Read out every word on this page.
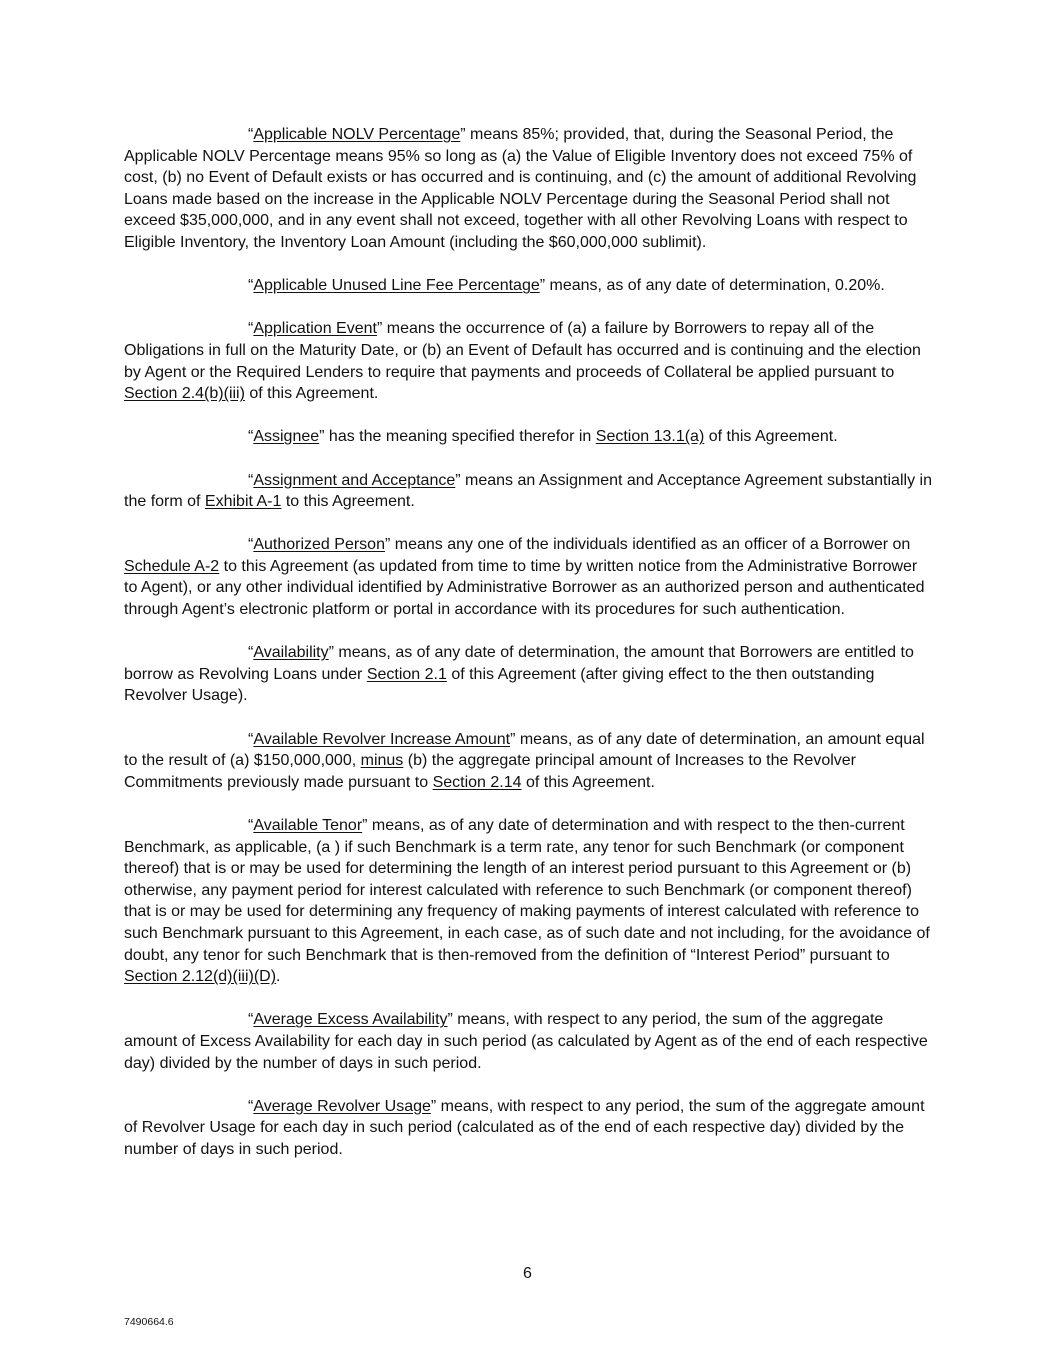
“Applicable NOLV Percentage” means 85%; provided, that, during the Seasonal Period, the Applicable NOLV Percentage means 95% so long as (a) the Value of Eligible Inventory does not exceed 75% of cost, (b) no Event of Default exists or has occurred and is continuing, and (c) the amount of additional Revolving Loans made based on the increase in the Applicable NOLV Percentage during the Seasonal Period shall not exceed $35,000,000, and in any event shall not exceed, together with all other Revolving Loans with respect to Eligible Inventory, the Inventory Loan Amount (including the $60,000,000 sublimit).

“Applicable Unused Line Fee Percentage” means, as of any date of determination, 0.20%.

“Application Event” means the occurrence of (a) a failure by Borrowers to repay all of the Obligations in full on the Maturity Date, or (b) an Event of Default has occurred and is continuing and the election by Agent or the Required Lenders to require that payments and proceeds of Collateral be applied pursuant to Section 2.4(b)(iii) of this Agreement.

“Assignee” has the meaning specified therefor in Section 13.1(a) of this Agreement.

“Assignment and Acceptance” means an Assignment and Acceptance Agreement substantially in the form of Exhibit A-1 to this Agreement.

“Authorized Person” means any one of the individuals identified as an officer of a Borrower on Schedule A-2 to this Agreement (as updated from time to time by written notice from the Administrative Borrower to Agent), or any other individual identified by Administrative Borrower as an authorized person and authenticated through Agent’s electronic platform or portal in accordance with its procedures for such authentication.

“Availability” means, as of any date of determination, the amount that Borrowers are entitled to borrow as Revolving Loans under Section 2.1 of this Agreement (after giving effect to the then outstanding Revolver Usage).

“Available Revolver Increase Amount” means, as of any date of determination, an amount equal to the result of (a) $150,000,000, minus (b) the aggregate principal amount of Increases to the Revolver Commitments previously made pursuant to Section 2.14 of this Agreement.

“Available Tenor” means, as of any date of determination and with respect to the then-current Benchmark, as applicable, (a ) if such Benchmark is a term rate, any tenor for such Benchmark (or component thereof) that is or may be used for determining the length of an interest period pursuant to this Agreement or (b) otherwise, any payment period for interest calculated with reference to such Benchmark (or component thereof) that is or may be used for determining any frequency of making payments of interest calculated with reference to such Benchmark pursuant to this Agreement, in each case, as of such date and not including, for the avoidance of doubt, any tenor for such Benchmark that is then-removed from the definition of “Interest Period” pursuant to Section 2.12(d)(iii)(D).

“Average Excess Availability” means, with respect to any period, the sum of the aggregate amount of Excess Availability for each day in such period (as calculated by Agent as of the end of each respective day) divided by the number of days in such period.

“Average Revolver Usage” means, with respect to any period, the sum of the aggregate amount of Revolver Usage for each day in such period (calculated as of the end of each respective day) divided by the number of days in such period.

6
7490664.6
